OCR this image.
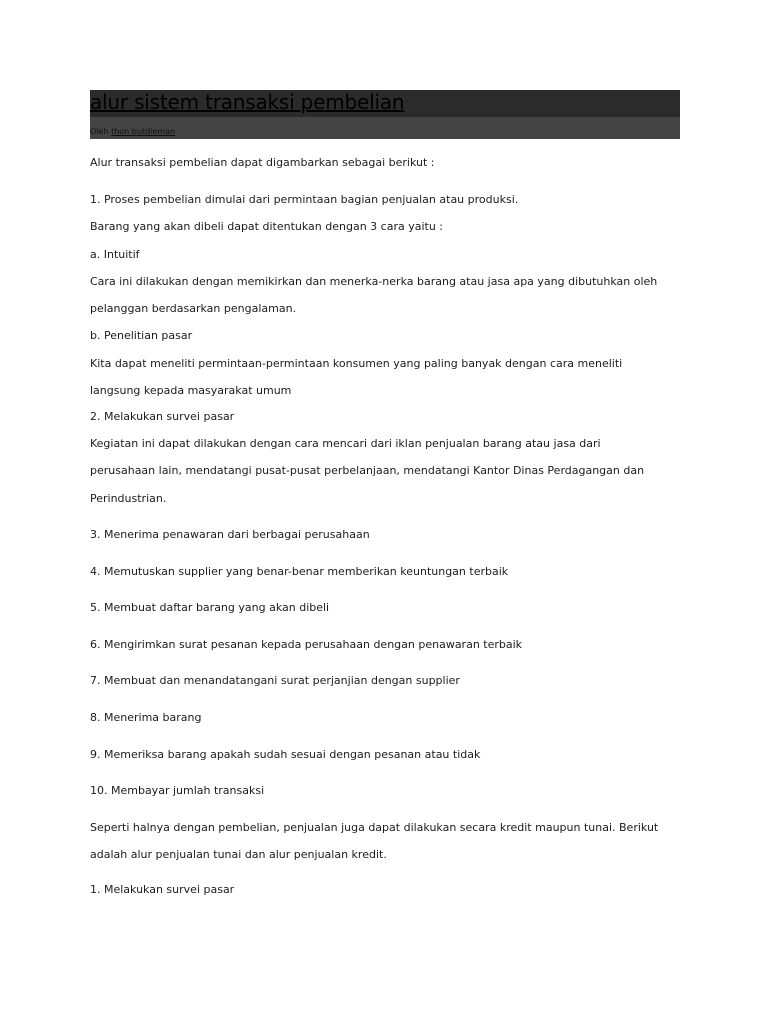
alur sistem transaksi pembelian
Oleh thon butdieman
Alur transaksi pembelian dapat digambarkan sebagai berikut :
1. Proses pembelian dimulai dari permintaan bagian penjualan atau produksi.
Barang yang akan dibeli dapat ditentukan dengan 3 cara yaitu :
a. Intuitif
Cara ini dilakukan dengan memikirkan dan menerka-nerka barang atau jasa apa yang dibutuhkan oleh
pelanggan berdasarkan pengalaman.
b. Penelitian pasar
Kita dapat meneliti permintaan-permintaan konsumen yang paling banyak dengan cara meneliti
langsung kepada masyarakat umum
2. Melakukan survei pasar
Kegiatan ini dapat dilakukan dengan cara mencari dari iklan penjualan barang atau jasa dari
perusahaan lain, mendatangi pusat-pusat perbelanjaan, mendatangi Kantor Dinas Perdagangan dan
Perindustrian.
3. Menerima penawaran dari berbagai perusahaan
4. Memutuskan supplier yang benar-benar memberikan keuntungan terbaik
5. Membuat daftar barang yang akan dibeli
6. Mengirimkan surat pesanan kepada perusahaan dengan penawaran terbaik
7. Membuat dan menandatangani surat perjanjian dengan supplier
8. Menerima barang
9. Memeriksa barang apakah sudah sesuai dengan pesanan atau tidak
10. Membayar jumlah transaksi
Seperti halnya dengan pembelian, penjualan juga dapat dilakukan secara kredit maupun tunai. Berikut
adalah alur penjualan tunai dan alur penjualan kredit.
1. Melakukan survei pasar
